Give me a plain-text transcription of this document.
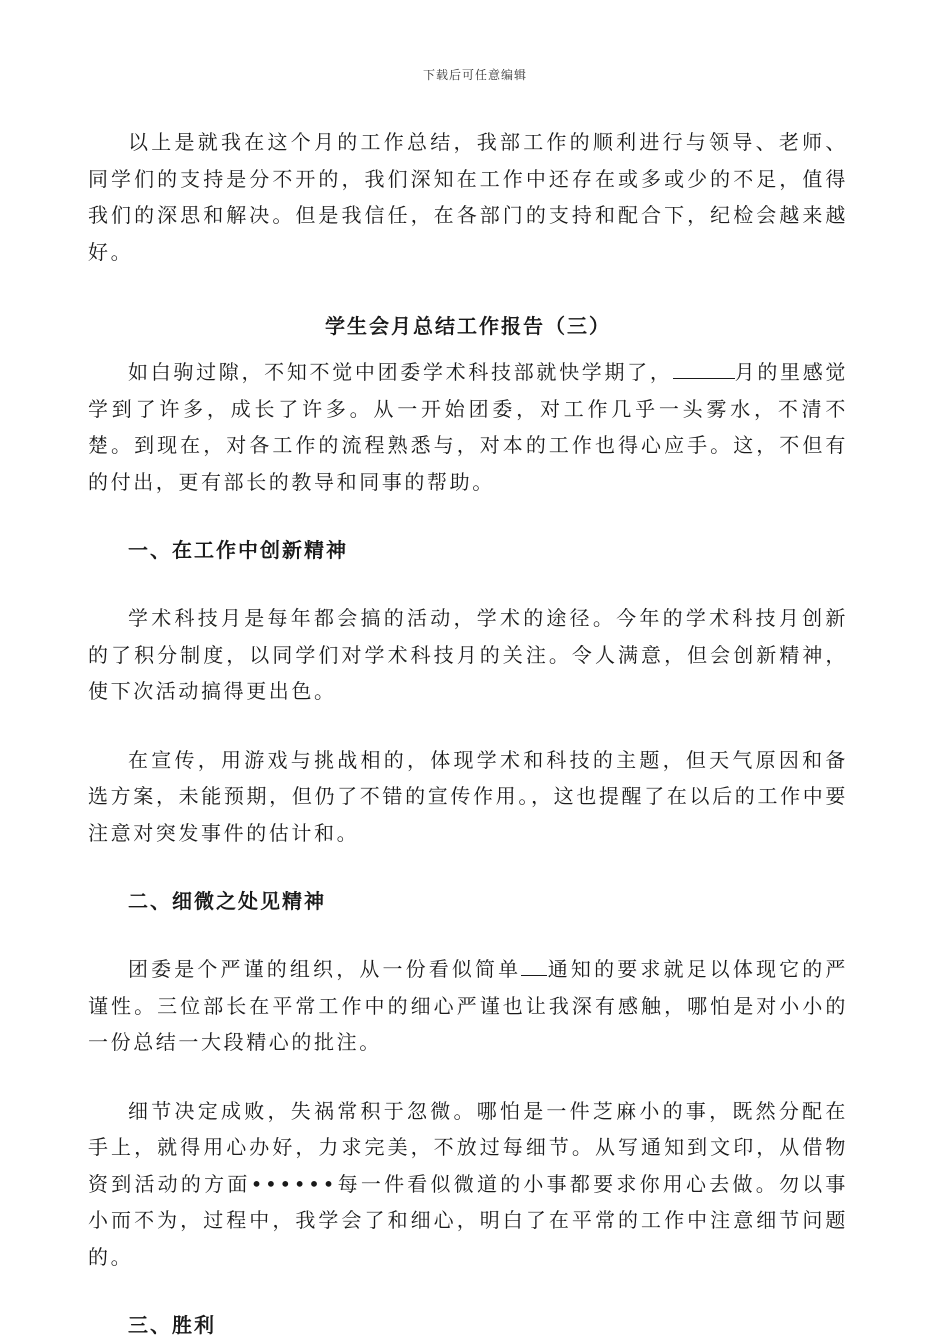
下载后可任意编辑

以上是就我在这个月的工作总结，我部工作的顺利进行与领导、老师、同学们的支持是分不开的，我们深知在工作中还存在或多或少的不足，值得我们的深思和解决。但是我信任，在各部门的支持和配合下，纪检会越来越好。

学生会月总结工作报告（三）

如白驹过隙，不知不觉中团委学术科技部就快学期了，	月的里感觉学到了许多，成长了许多。从一开始团委，对工作几乎一头雾水，不清不楚。到现在，对各工作的流程熟悉与，对本的工作也得心应手。这，不但有的付出，更有部长的教导和同事的帮助。

一、在工作中创新精神

学术科技月是每年都会搞的活动，学术的途径。今年的学术科技月创新的了积分制度，以同学们对学术科技月的关注。令人满意，但会创新精神，使下次活动搞得更出色。

在宣传，用游戏与挑战相的，体现学术和科技的主题，但天气原因和备选方案，未能预期，但仍了不错的宣传作用。，这也提醒了在以后的工作中要注意对突发事件的估计和。

二、细微之处见精神

团委是个严谨的组织，从一份看似简单 通知的要求就足以体现它的严谨性。三位部长在平常工作中的细心严谨也让我深有感触，哪怕是对小小的一份总结一大段精心的批注。

细节决定成败，失祸常积于忽微。哪怕是一件芝麻小的事，既然分配在手上，就得用心办好，力求完美，不放过每细节。从写通知到文印，从借物资到活动的方面••••••每一件看似微道的小事都要求你用心去做。勿以事小而不为，过程中，我学会了和细心，明白了在平常的工作中注意细节问题的。

三、胜利
